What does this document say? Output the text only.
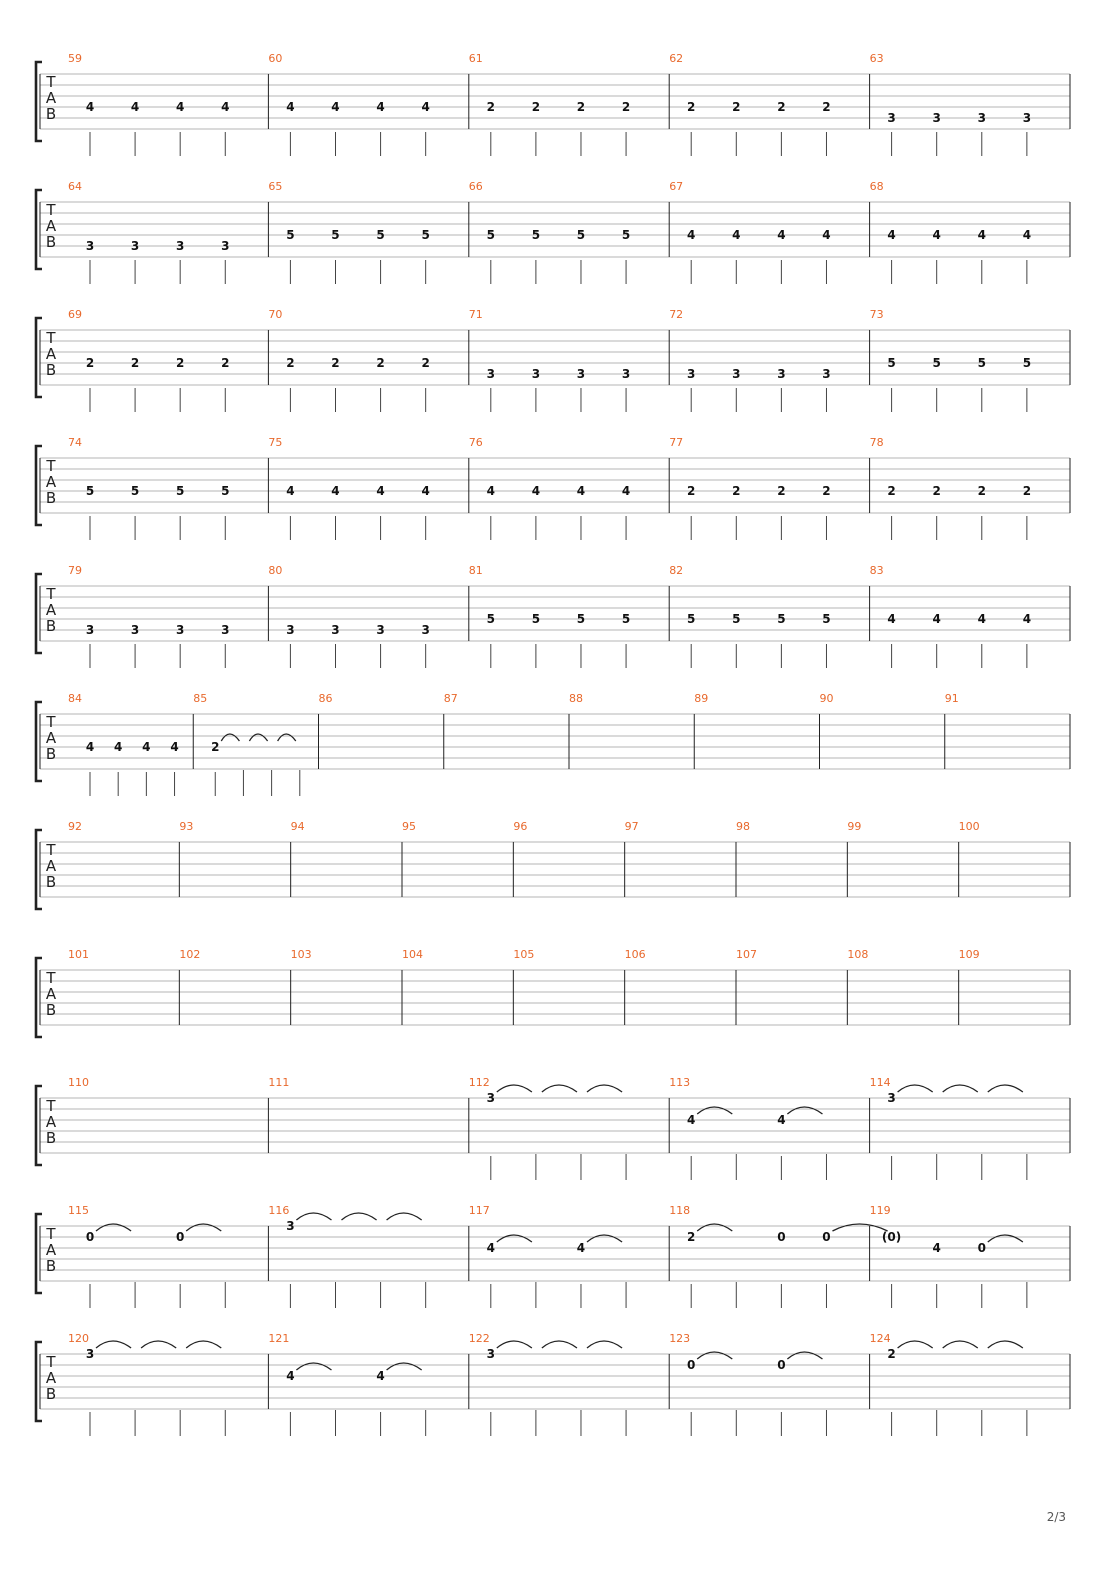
T
A
B
59
4	4	4	4
60
4	4	4	4
61
2	2	2	2
62
2	2	2	2
63
3	3	3	3
T
A
B
64
3	3	3	3
65
5	5	5	5
66
5	5	5	5
67
4	4	4	4
68
4	4	4	4
T
A
B
69
2	2	2	2
70
2	2	2	2
71
3	3	3	3
72
3	3	3	3
73
5	5	5	5
T
A
B
74
5	5	5	5
75
4	4	4	4
76
4	4	4	4
77
2	2	2	2
78
2	2	2	2
T
A
B
79
3	3	3	3
80
3	3	3	3
81
5	5	5	5
82
5	5	5	5
83
4	4	4	4
T
A
B
84
4 4 4 4
85
2
86	87	88	89	90	91
T
A
B
92	93	94	95	96	97	98	99	100
T
A
B
101	102	103	104	105	106	107	108	109
T
A
B
110	111	112
3
113
4	4
114
3
T
A
B
115
0	0
116
3
117
4	4
118
2	0	0
119
(0)
4	0
T
A
B
120
3
121
4	4
122
3
123
0	0
124
2
2/3
